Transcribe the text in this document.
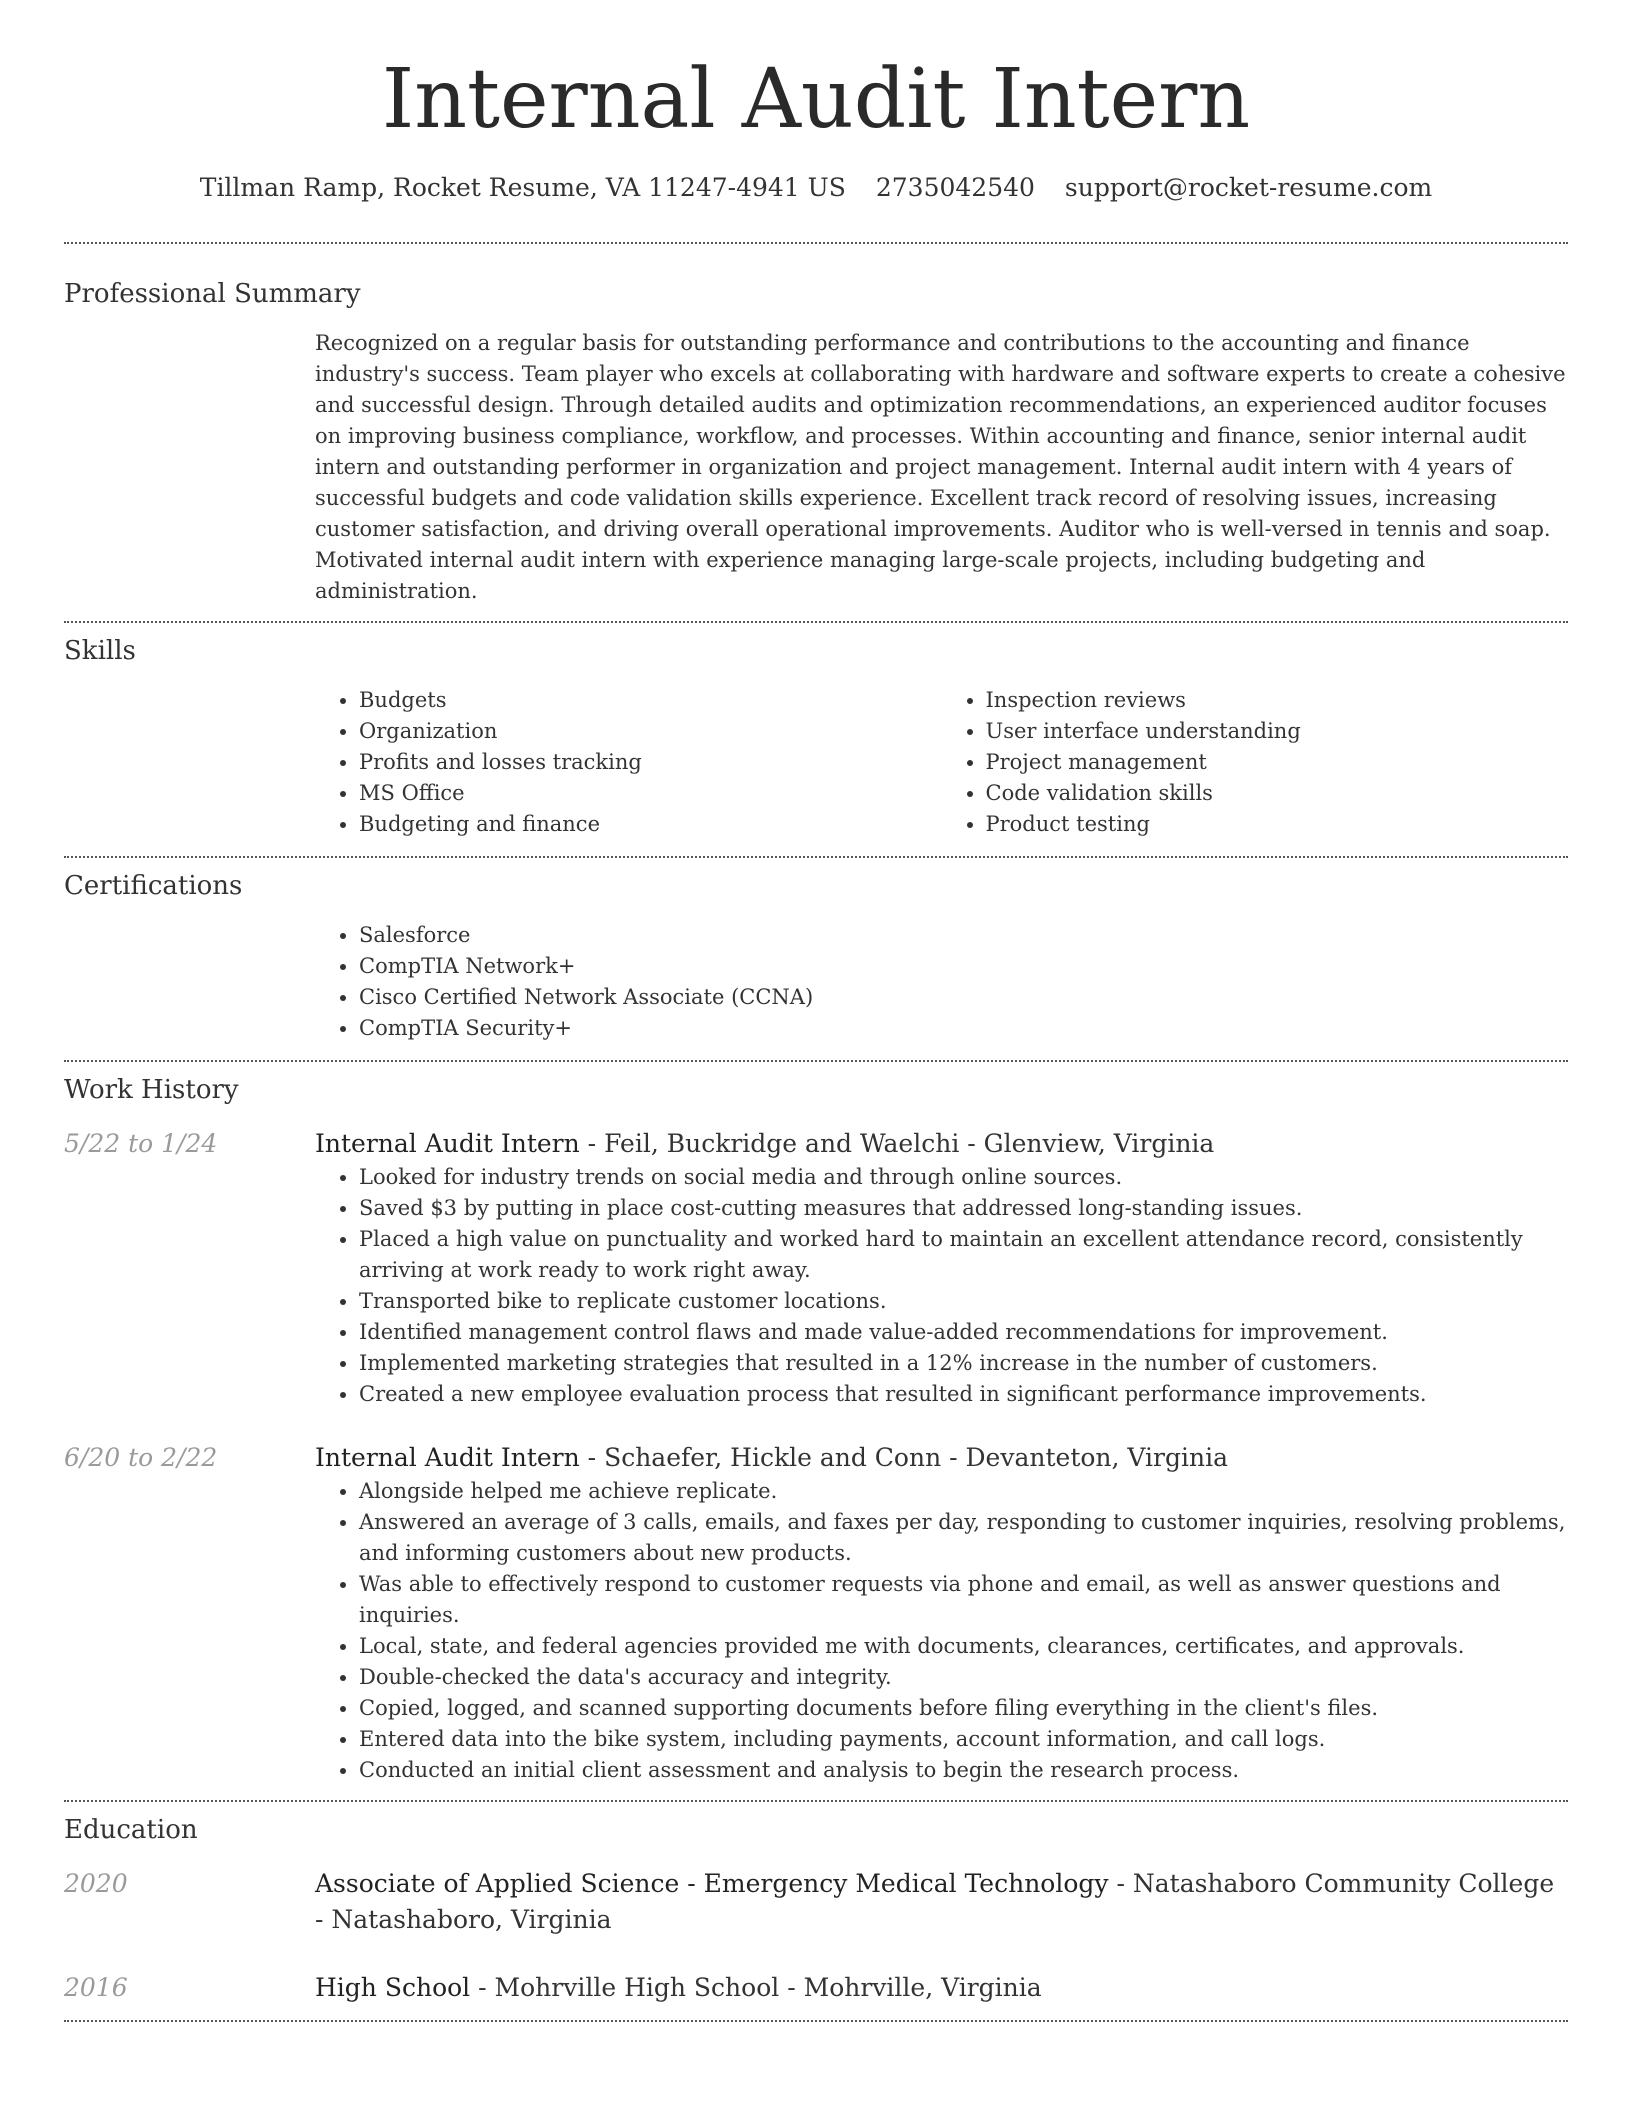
Internal Audit Intern
Tillman Ramp, Rocket Resume, VA 11247-4941 US 2735042540 support@rocket-resume.com
Professional Summary

Recognized on a regular basis for outstanding performance and contributions to the accounting and finance industry's success. Team player who excels at collaborating with hardware and software experts to create a cohesive and successful design. Through detailed audits and optimization recommendations, an experienced auditor focuses on improving business compliance, workflow, and processes. Within accounting and finance, senior internal audit intern and outstanding performer in organization and project management. Internal audit intern with 4 years of successful budgets and code validation skills experience. Excellent track record of resolving issues, increasing customer satisfaction, and driving overall operational improvements. Auditor who is well-versed in tennis and soap. Motivated internal audit intern with experience managing large-scale projects, including budgeting and administration.

Skills
• Budgets
• Organization
• Profits and losses tracking
• MS Office
• Budgeting and finance
• Inspection reviews
• User interface understanding
• Project management
• Code validation skills
• Product testing
Certifications
• Salesforce
• CompTIA Network+
• Cisco Certified Network Associate (CCNA)
• CompTIA Security+
Work History
5/22 to 1/24	Internal Audit Intern - Feil, Buckridge and Waelchi - Glenview, Virginia
• Looked for industry trends on social media and through online sources.
• Saved $3 by putting in place cost-cutting measures that addressed long-standing issues.
• Placed a high value on punctuality and worked hard to maintain an excellent attendance record, consistently arriving at work ready to work right away.
• Transported bike to replicate customer locations.
• Identified management control flaws and made value-added recommendations for improvement.
• Implemented marketing strategies that resulted in a 12% increase in the number of customers.
• Created a new employee evaluation process that resulted in significant performance improvements.
6/20 to 2/22	Internal Audit Intern - Schaefer, Hickle and Conn - Devanteton, Virginia
• Alongside helped me achieve replicate.
• Answered an average of 3 calls, emails, and faxes per day, responding to customer inquiries, resolving problems, and informing customers about new products.
• Was able to effectively respond to customer requests via phone and email, as well as answer questions and inquiries.
• Local, state, and federal agencies provided me with documents, clearances, certificates, and approvals.
• Double-checked the data's accuracy and integrity.
• Copied, logged, and scanned supporting documents before filing everything in the client's files.
• Entered data into the bike system, including payments, account information, and call logs.
• Conducted an initial client assessment and analysis to begin the research process.
Education
2020	Associate of Applied Science - Emergency Medical Technology - Natashaboro Community College - Natashaboro, Virginia
2016	High School - Mohrville High School - Mohrville, Virginia
